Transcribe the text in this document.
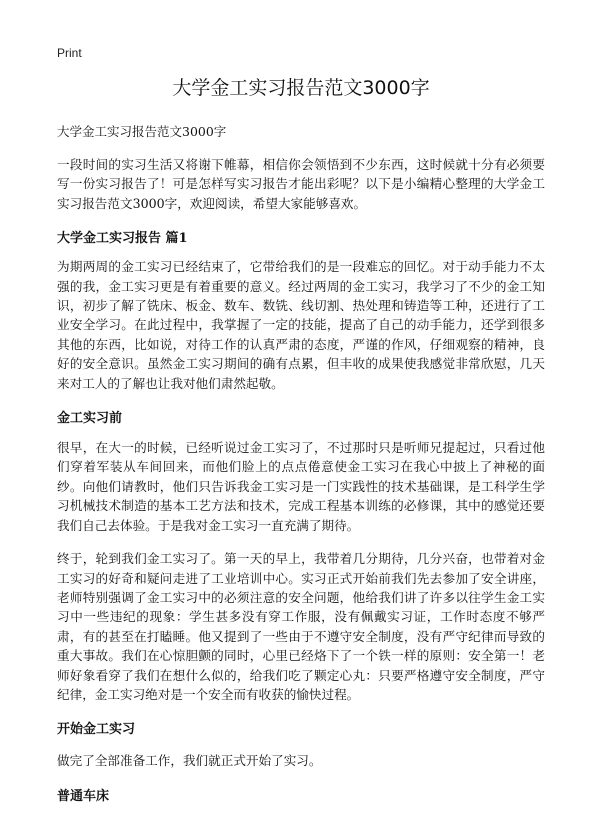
Print
大学金工实习报告范文3000字
大学金工实习报告范文3000字

一段时间的实习生活又将谢下帷幕，相信你会领悟到不少东西，这时候就十分有必须要写一份实习报告了！可是怎样写实习报告才能出彩呢？以下是小编精心整理的大学金工实习报告范文3000字，欢迎阅读，希望大家能够喜欢。

大学金工实习报告 篇1

为期两周的金工实习已经结束了，它带给我们的是一段难忘的回忆。对于动手能力不太强的我，金工实习更是有着重要的意义。经过两周的金工实习，我学习了不少的金工知识，初步了解了铣床、板金、数车、数铣、线切割、热处理和铸造等工种，还进行了工业安全学习。在此过程中，我掌握了一定的技能，提高了自己的动手能力，还学到很多其他的东西，比如说，对待工作的认真严肃的态度，严谨的作风，仔细观察的精神，良好的安全意识。虽然金工实习期间的确有点累，但丰收的成果使我感觉非常欣慰，几天来对工人的了解也让我对他们肃然起敬。

金工实习前

很早，在大一的时候，已经听说过金工实习了，不过那时只是听师兄提起过，只看过他们穿着军装从车间回来，而他们脸上的点点倦意使金工实习在我心中披上了神秘的面纱。向他们请教时，他们只告诉我金工实习是一门实践性的技术基础课，是工科学生学习机械技术制造的基本工艺方法和技术，完成工程基本训练的必修课，其中的感觉还要我们自己去体验。于是我对金工实习一直充满了期待。

终于，轮到我们金工实习了。第一天的早上，我带着几分期待，几分兴奋，也带着对金工实习的好奇和疑问走进了工业培训中心。实习正式开始前我们先去参加了安全讲座，老师特别强调了金工实习中的必须注意的安全问题，他给我们讲了许多以往学生金工实习中一些违纪的现象：学生甚多没有穿工作服，没有佩戴实习证，工作时态度不够严肃，有的甚至在打瞌睡。他又提到了一些由于不遵守安全制度，没有严守纪律而导致的重大事故。我们在心惊胆颤的同时，心里已经烙下了一个铁一样的原则：安全第一！老师好象看穿了我们在想什么似的，给我们吃了颗定心丸：只要严格遵守安全制度，严守纪律，金工实习绝对是一个安全而有收获的愉快过程。

开始金工实习

做完了全部准备工作，我们就正式开始了实习。

普通车床
